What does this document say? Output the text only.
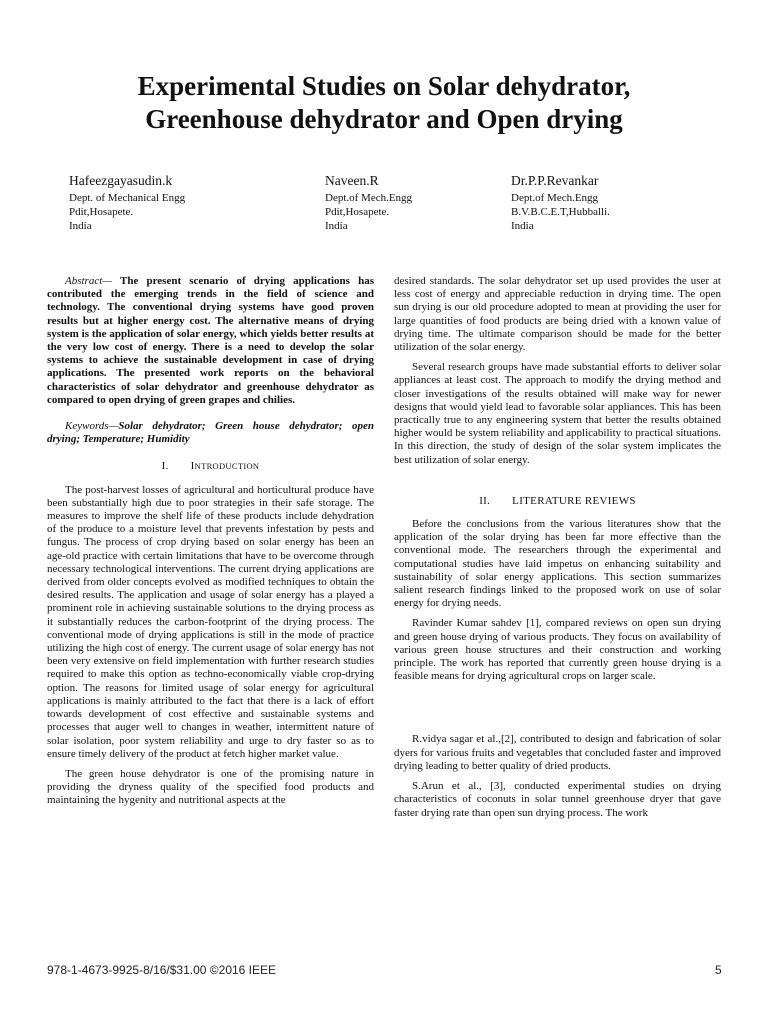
Experimental Studies on Solar dehydrator,
Greenhouse dehydrator and Open drying
Hafeezgayasudin.k
Dept. of Mechanical Engg
Pdit,Hosapete.
India
Naveen.R
Dept.of Mech.Engg
Pdit,Hosapete.
India
Dr.P.P.Revankar
Dept.of Mech.Engg
B.V.B.C.E.T,Hubballi.
India

Abstract— The present scenario of drying applications has contributed the emerging trends in the field of science and technology. The conventional drying systems have good proven results but at higher energy cost. The alternative means of drying system is the application of solar energy, which yields better results at the very low cost of energy. There is a need to develop the solar systems to achieve the sustainable development in case of drying applications. The presented work reports on the behavioral characteristics of solar dehydrator and greenhouse dehydrator as compared to open drying of green grapes and chilies.

Keywords—Solar dehydrator; Green house dehydrator; open drying; Temperature; Humidity

I. INTRODUCTION

The post-harvest losses of agricultural and horticultural produce have been substantially high due to poor strategies in their safe storage. The measures to improve the shelf life of these products include dehydration of the produce to a moisture level that prevents infestation by pests and fungus. The process of crop drying based on solar energy has been an age-old practice with certain limitations that have to be overcome through necessary technological interventions. The current drying applications are derived from older concepts evolved as modified techniques to obtain the desired results. The application and usage of solar energy has a played a prominent role in achieving sustainable solutions to the drying process as it substantially reduces the carbon-footprint of the drying process. The conventional mode of drying applications is still in the mode of practice utilizing the high cost of energy. The current usage of solar energy has not been very extensive on field implementation with further research studies required to make this option as techno-economically viable crop-drying option. The reasons for limited usage of solar energy for agricultural applications is mainly attributed to the fact that there is a lack of effort towards development of cost effective and sustainable systems and processes that auger well to changes in weather, intermittent nature of solar isolation, poor system reliability and urge to dry faster so as to ensure timely delivery of the product at fetch higher market value.

The green house dehydrator is one of the promising nature in providing the dryness quality of the specified food products and maintaining the hygenity and nutritional aspects at the

desired standards. The solar dehydrator set up used provides the user at less cost of energy and appreciable reduction in drying time. The open sun drying is our old procedure adopted to mean at providing the user for large quantities of food products are being dried with a known value of drying time. The ultimate comparison should be made for the better utilization of the solar energy.

Several research groups have made substantial efforts to deliver solar appliances at least cost. The approach to modify the drying method and closer investigations of the results obtained will make way for newer designs that would yield lead to favorable solar appliances. This has been practically true to any engineering system that better the results obtained higher would be system reliability and applicability to practical situations. In this direction, the study of design of the solar system implicates the best utilization of solar energy.

II. LITERATURE REVIEWS

Before the conclusions from the various literatures show that the application of the solar drying has been far more effective than the conventional mode. The researchers through the experimental and computational studies have laid impetus on enhancing suitability and sustainability of solar energy applications. This section summarizes salient research findings linked to the proposed work on use of solar energy for drying needs.

Ravinder Kumar sahdev [1], compared reviews on open sun drying and green house drying of various products. They focus on availability of various green house structures and their construction and working principle. The work has reported that currently green house drying is a feasible means for drying agricultural crops on larger scale.

R.vidya sagar et al.,[2], contributed to design and fabrication of solar dyers for various fruits and vegetables that concluded faster and improved drying leading to better quality of dried products.

S.Arun et al., [3], conducted experimental studies on drying characteristics of coconuts in solar tunnel greenhouse dryer that gave faster drying rate than open sun drying process. The work

978-1-4673-9925-8/16/$31.00 ©2016 IEEE	5
